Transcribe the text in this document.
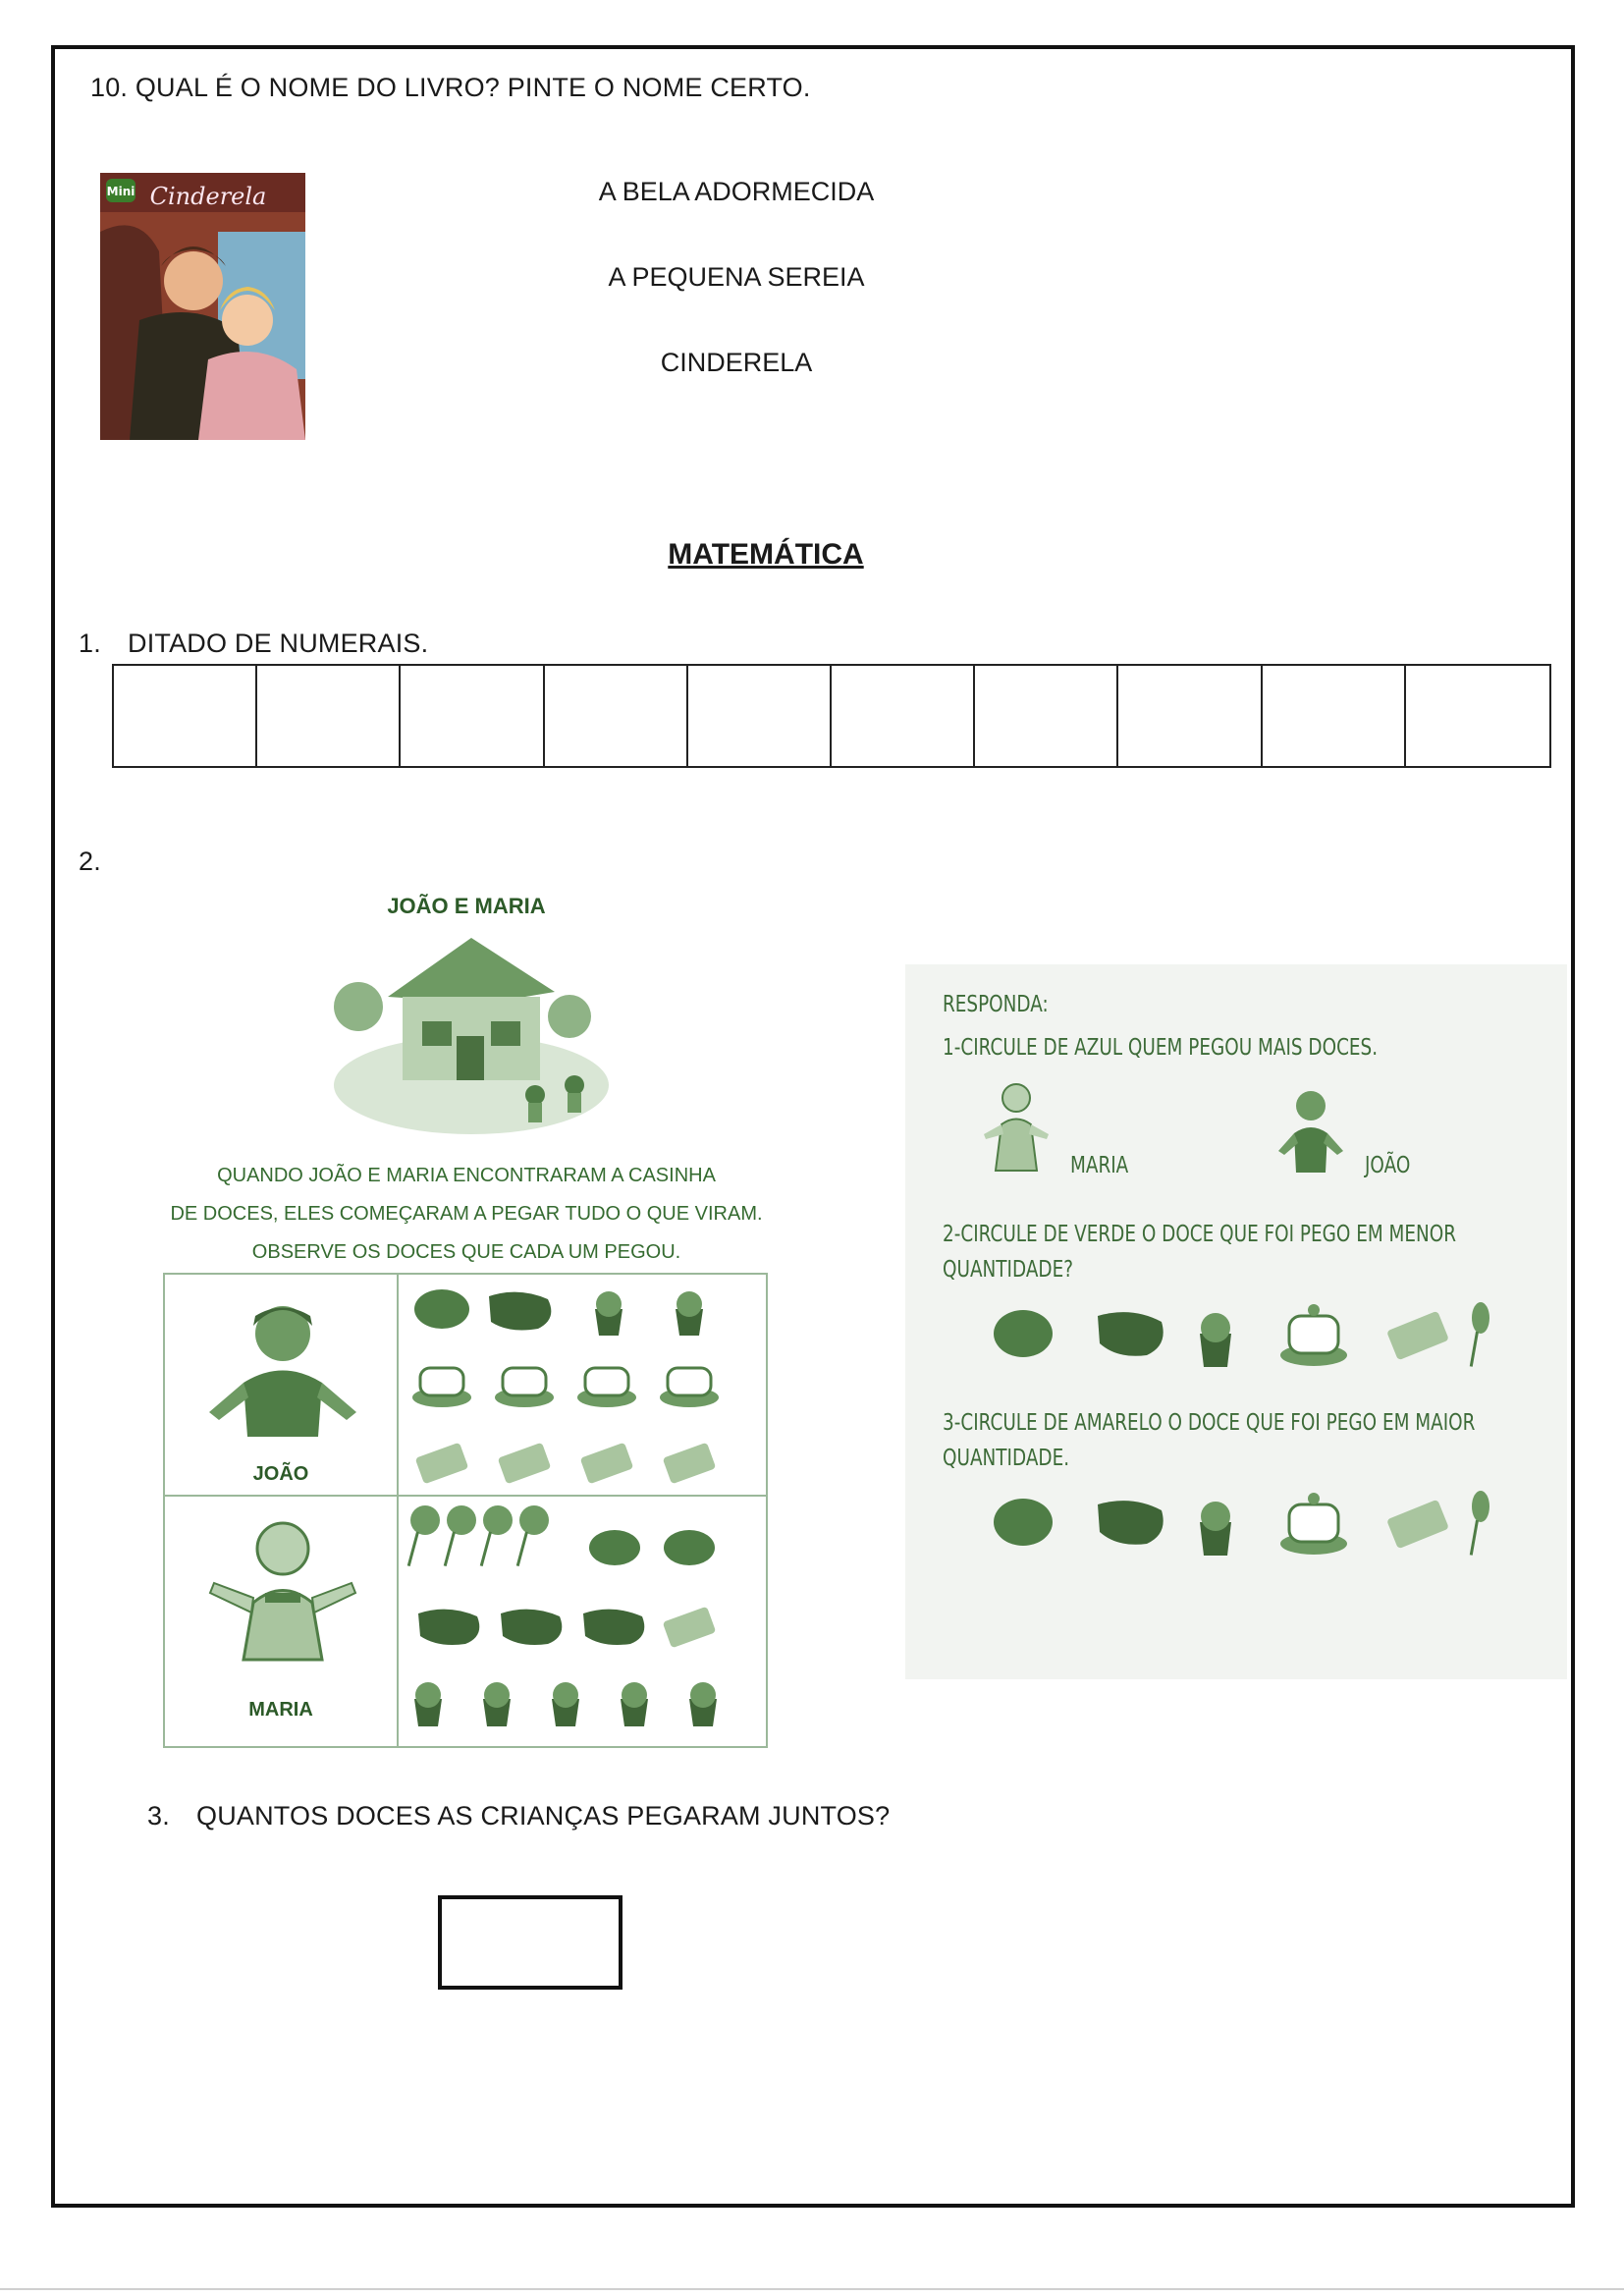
10. QUAL É O NOME DO LIVRO? PINTE O NOME CERTO.
Mini Cinderela	A BELA ADORMECIDA
A PEQUENA SEREIA
CINDERELA
MATEMÁTICA
1. DITADO DE NUMERAIS.
2.
JOÃO E MARIA
QUANDO JOÃO E MARIA ENCONTRARAM A CASINHA
DE DOCES, ELES COMEÇARAM A PEGAR TUDO O QUE VIRAM.
OBSERVE OS DOCES QUE CADA UM PEGOU.
JOÃO
MARIA
RESPONDA:
1-CIRCULE DE AZUL QUEM PEGOU MAIS DOCES.
MARIA	JOÃO
2-CIRCULE DE VERDE O DOCE QUE FOI PEGO EM MENOR
QUANTIDADE?
3-CIRCULE DE AMARELO O DOCE QUE FOI PEGO EM MAIOR
QUANTIDADE.
3. QUANTOS DOCES AS CRIANÇAS PEGARAM JUNTOS?
